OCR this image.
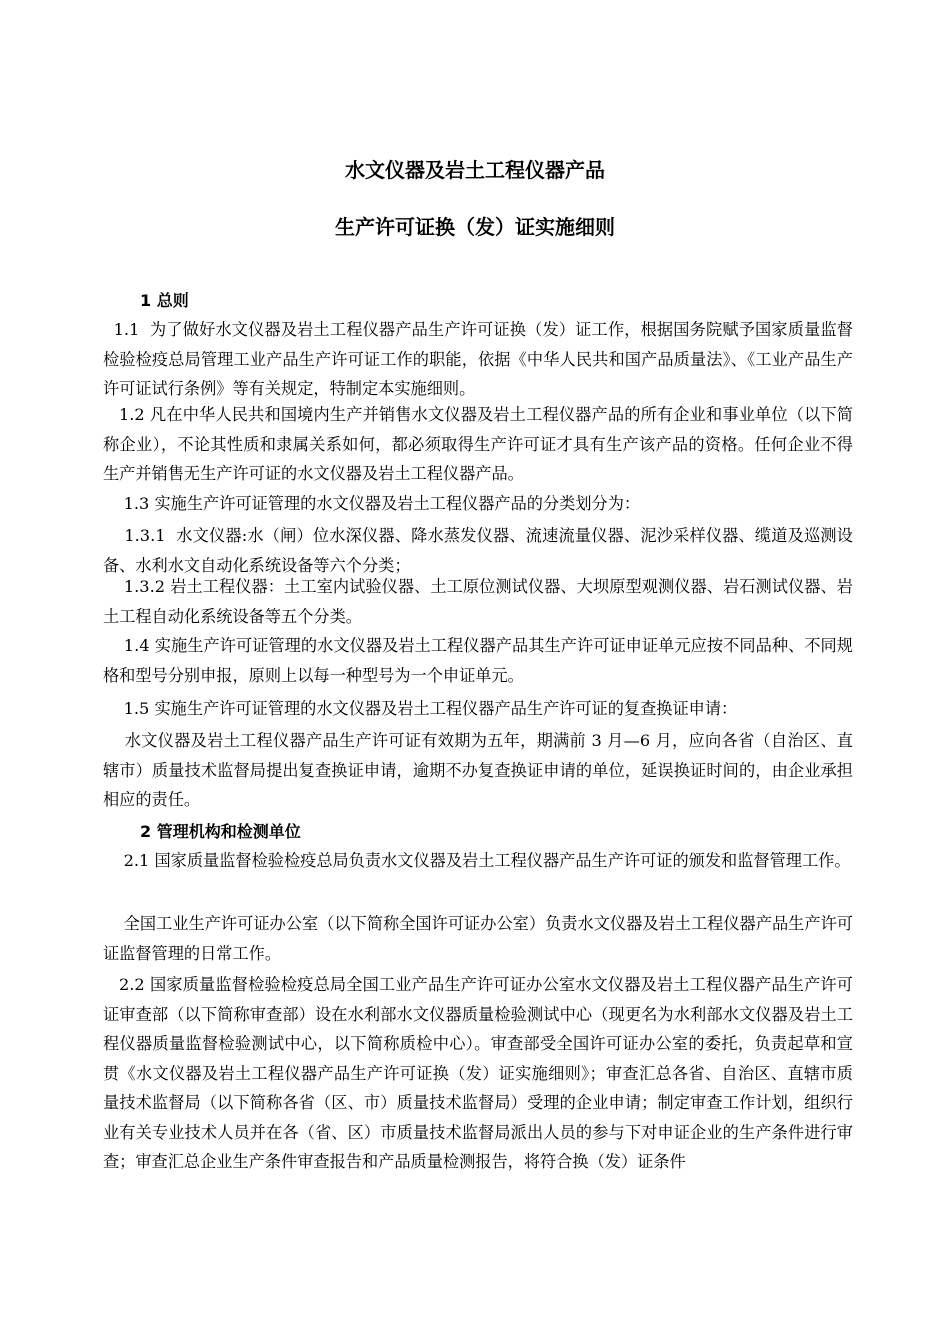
水文仪器及岩土工程仪器产品
生产许可证换（发）证实施细则
1 总则

1.1  为了做好水文仪器及岩土工程仪器产品生产许可证换（发）证工作，根据国务院赋予国家质量监督检验检疫总局管理工业产品生产许可证工作的职能，依据《中华人民共和国产品质量法》、《工业产品生产许可证试行条例》等有关规定，特制定本实施细则。

1.2 凡在中华人民共和国境内生产并销售水文仪器及岩土工程仪器产品的所有企业和事业单位（以下简称企业），不论其性质和隶属关系如何，都必须取得生产许可证才具有生产该产品的资格。任何企业不得生产并销售无生产许可证的水文仪器及岩土工程仪器产品。

1.3 实施生产许可证管理的水文仪器及岩土工程仪器产品的分类划分为：

1.3.1  水文仪器:水（闸）位水深仪器、降水蒸发仪器、流速流量仪器、泥沙采样仪器、缆道及巡测设备、水利水文自动化系统设备等六个分类；

1.3.2 岩土工程仪器：土工室内试验仪器、土工原位测试仪器、大坝原型观测仪器、岩石测试仪器、岩土工程自动化系统设备等五个分类。

1.4 实施生产许可证管理的水文仪器及岩土工程仪器产品其生产许可证申证单元应按不同品种、不同规格和型号分别申报，原则上以每一种型号为一个申证单元。

1.5 实施生产许可证管理的水文仪器及岩土工程仪器产品生产许可证的复查换证申请：

水文仪器及岩土工程仪器产品生产许可证有效期为五年，期满前 3 月—6 月，应向各省（自治区、直辖市）质量技术监督局提出复查换证申请，逾期不办复查换证申请的单位，延误换证时间的，由企业承担相应的责任。

2 管理机构和检测单位

2.1 国家质量监督检验检疫总局负责水文仪器及岩土工程仪器产品生产许可证的颁发和监督管理工作。

全国工业生产许可证办公室（以下简称全国许可证办公室）负责水文仪器及岩土工程仪器产品生产许可证监督管理的日常工作。

2.2 国家质量监督检验检疫总局全国工业产品生产许可证办公室水文仪器及岩土工程仪器产品生产许可证审查部（以下简称审查部）设在水利部水文仪器质量检验测试中心（现更名为水利部水文仪器及岩土工程仪器质量监督检验测试中心，以下简称质检中心）。审查部受全国许可证办公室的委托，负责起草和宣贯《水文仪器及岩土工程仪器产品生产许可证换（发）证实施细则》；审查汇总各省、自治区、直辖市质量技术监督局（以下简称各省（区、市）质量技术监督局）受理的企业申请；制定审查工作计划，组织行业有关专业技术人员并在各（省、区）市质量技术监督局派出人员的参与下对申证企业的生产条件进行审查；审查汇总企业生产条件审查报告和产品质量检测报告，将符合换（发）证条件
